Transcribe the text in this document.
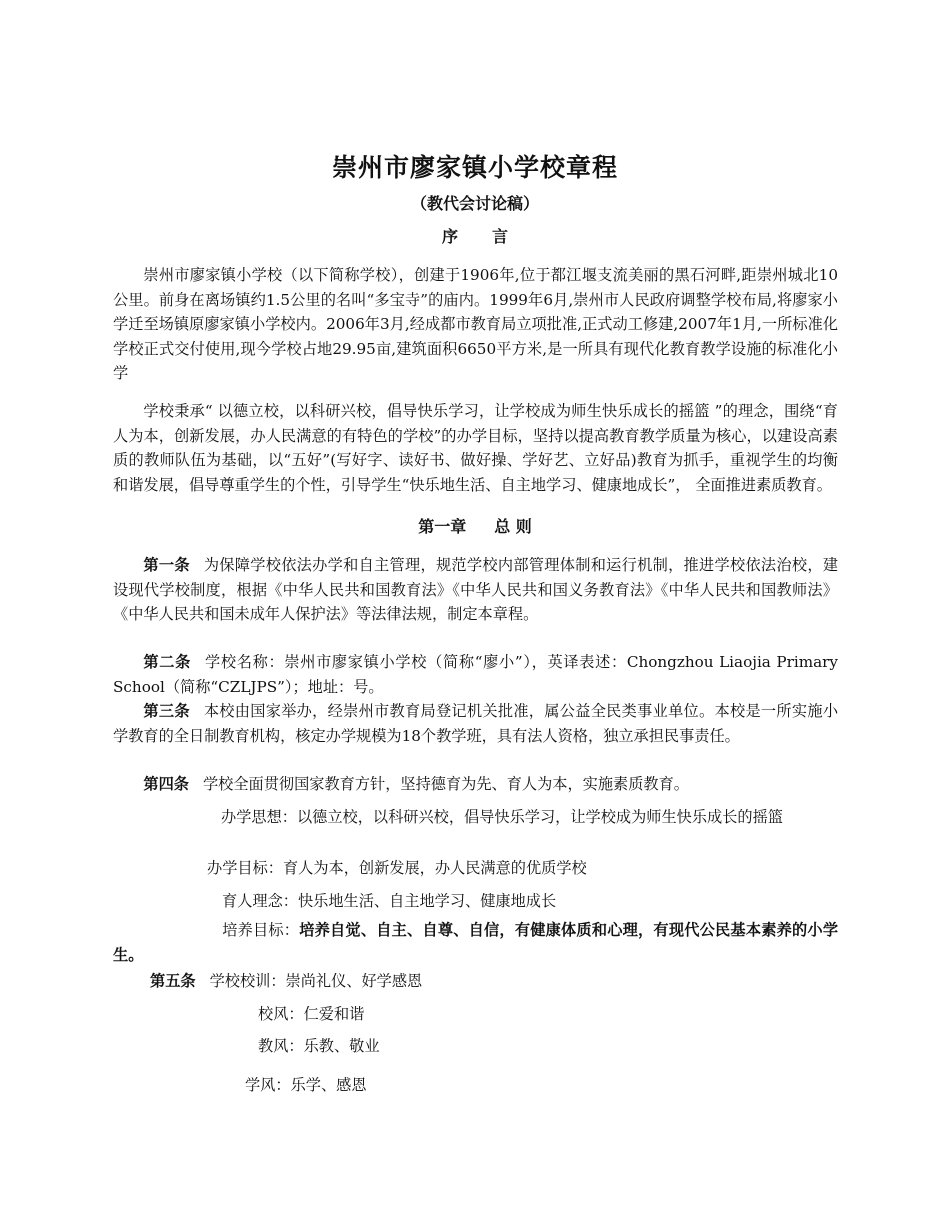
崇州市廖家镇小学校章程
（教代会讨论稿）
序 言
崇州市廖家镇小学校（以下简称学校），创建于1906年,位于都江堰支流美丽的黑石河畔,距崇州城北10公里。前身在离场镇约1.5公里的名叫“多宝寺”的庙内。1999年6月,崇州市人民政府调整学校布局,将廖家小学迁至场镇原廖家镇小学校内。2006年3月,经成都市教育局立项批准,正式动工修建,2007年1月,一所标准化学校正式交付使用,现今学校占地29.95亩,建筑面积6650平方米,是一所具有现代化教育教学设施的标准化小学
学校秉承“ 以德立校，以科研兴校，倡导快乐学习，让学校成为师生快乐成长的摇篮 ”的理念，围绕“育人为本，创新发展，办人民满意的有特色的学校”的办学目标，坚持以提高教育教学质量为核心，以建设高素质的教师队伍为基础，以“五好”(写好字、读好书、做好操、学好艺、立好品)教育为抓手，重视学生的均衡和谐发展，倡导尊重学生的个性，引导学生“快乐地生活、自主地学习、健康地成长”， 全面推进素质教育。
第一章 总 则
第一条 为保障学校依法办学和自主管理，规范学校内部管理体制和运行机制，推进学校依法治校，建设现代学校制度，根据《中华人民共和国教育法》《中华人民共和国义务教育法》《中华人民共和国教师法》《中华人民共和国未成年人保护法》等法律法规，制定本章程。
第二条 学校名称：崇州市廖家镇小学校（简称“廖小”），英译表述：Chongzhou Liaojia Primary School（简称“CZLJPS”）；地址：号。
第三条 本校由国家举办，经崇州市教育局登记机关批准，属公益全民类事业单位。本校是一所实施小学教育的全日制教育机构，核定办学规模为18个教学班，具有法人资格，独立承担民事责任。
第四条 学校全面贯彻国家教育方针，坚持德育为先、育人为本，实施素质教育。
办学思想：以德立校，以科研兴校，倡导快乐学习，让学校成为师生快乐成长的摇篮
办学目标：育人为本，创新发展，办人民满意的优质学校
育人理念：快乐地生活、自主地学习、健康地成长
培养目标：培养自觉、自主、自尊、自信，有健康体质和心理，有现代公民基本素养的小学生。
第五条 学校校训：崇尚礼仪、好学感恩
校风：仁爱和谐
教风：乐教、敬业
学风：乐学、感恩
